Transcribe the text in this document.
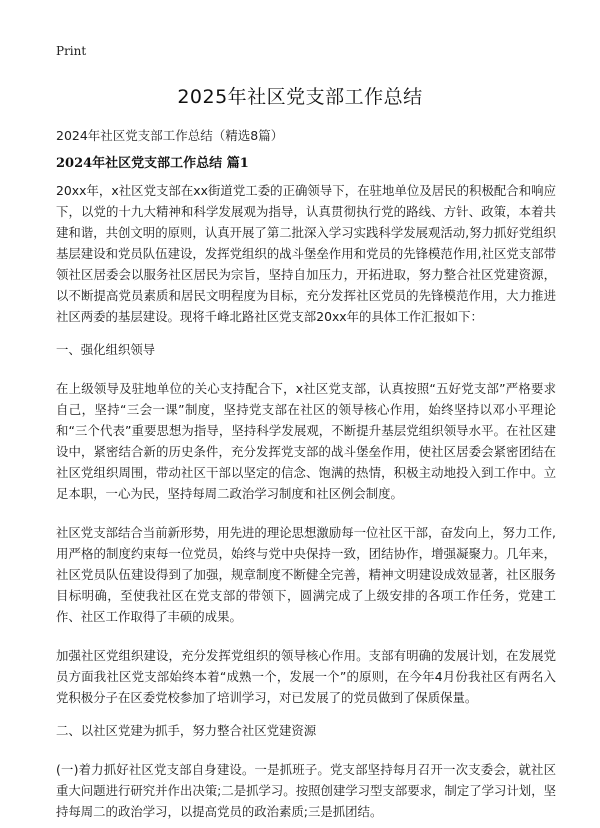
Print
2025年社区党支部工作总结
2024年社区党支部工作总结（精选8篇）
2024年社区党支部工作总结 篇1

20xx年，x社区党支部在xx街道党工委的正确领导下，在驻地单位及居民的积极配合和响应下，以党的十九大精神和科学发展观为指导，认真贯彻执行党的路线、方针、政策，本着共建和谐，共创文明的原则，认真开展了第二批深入学习实践科学发展观活动,努力抓好党组织基层建设和党员队伍建设，发挥党组织的战斗堡垒作用和党员的先锋模范作用,社区党支部带领社区居委会以服务社区居民为宗旨，坚持自加压力，开拓进取，努力整合社区党建资源，以不断提高党员素质和居民文明程度为目标，充分发挥社区党员的先锋模范作用，大力推进社区两委的基层建设。现将千峰北路社区党支部20xx年的具体工作汇报如下：

一、强化组织领导

在上级领导及驻地单位的关心支持配合下，x社区党支部，认真按照“五好党支部”严格要求自己，坚持“三会一课”制度，坚持党支部在社区的领导核心作用，始终坚持以邓小平理论和“三个代表”重要思想为指导，坚持科学发展观，不断提升基层党组织领导水平。在社区建设中，紧密结合新的历史条件，充分发挥党支部的战斗堡垒作用，使社区居委会紧密团结在社区党组织周围，带动社区干部以坚定的信念、饱满的热情，积极主动地投入到工作中。立足本职，一心为民，坚持每周二政治学习制度和社区例会制度。

社区党支部结合当前新形势，用先进的理论思想激励每一位社区干部，奋发向上，努力工作,用严格的制度约束每一位党员，始终与党中央保持一致，团结协作，增强凝聚力。几年来，社区党员队伍建设得到了加强，规章制度不断健全完善，精神文明建设成效显著，社区服务目标明确，至使我社区在党支部的带领下，圆满完成了上级安排的各项工作任务，党建工作、社区工作取得了丰硕的成果。

加强社区党组织建设，充分发挥党组织的领导核心作用。支部有明确的发展计划，在发展党员方面我社区党支部始终本着“成熟一个，发展一个”的原则，在今年4月份我社区有两名入党积极分子在区委党校参加了培训学习，对已发展了的党员做到了保质保量。

二、以社区党建为抓手，努力整合社区党建资源

(一)着力抓好社区党支部自身建设。一是抓班子。党支部坚持每月召开一次支委会，就社区重大问题进行研究并作出决策;二是抓学习。按照创建学习型支部要求，制定了学习计划，坚持每周二的政治学习，以提高党员的政治素质;三是抓团结。
